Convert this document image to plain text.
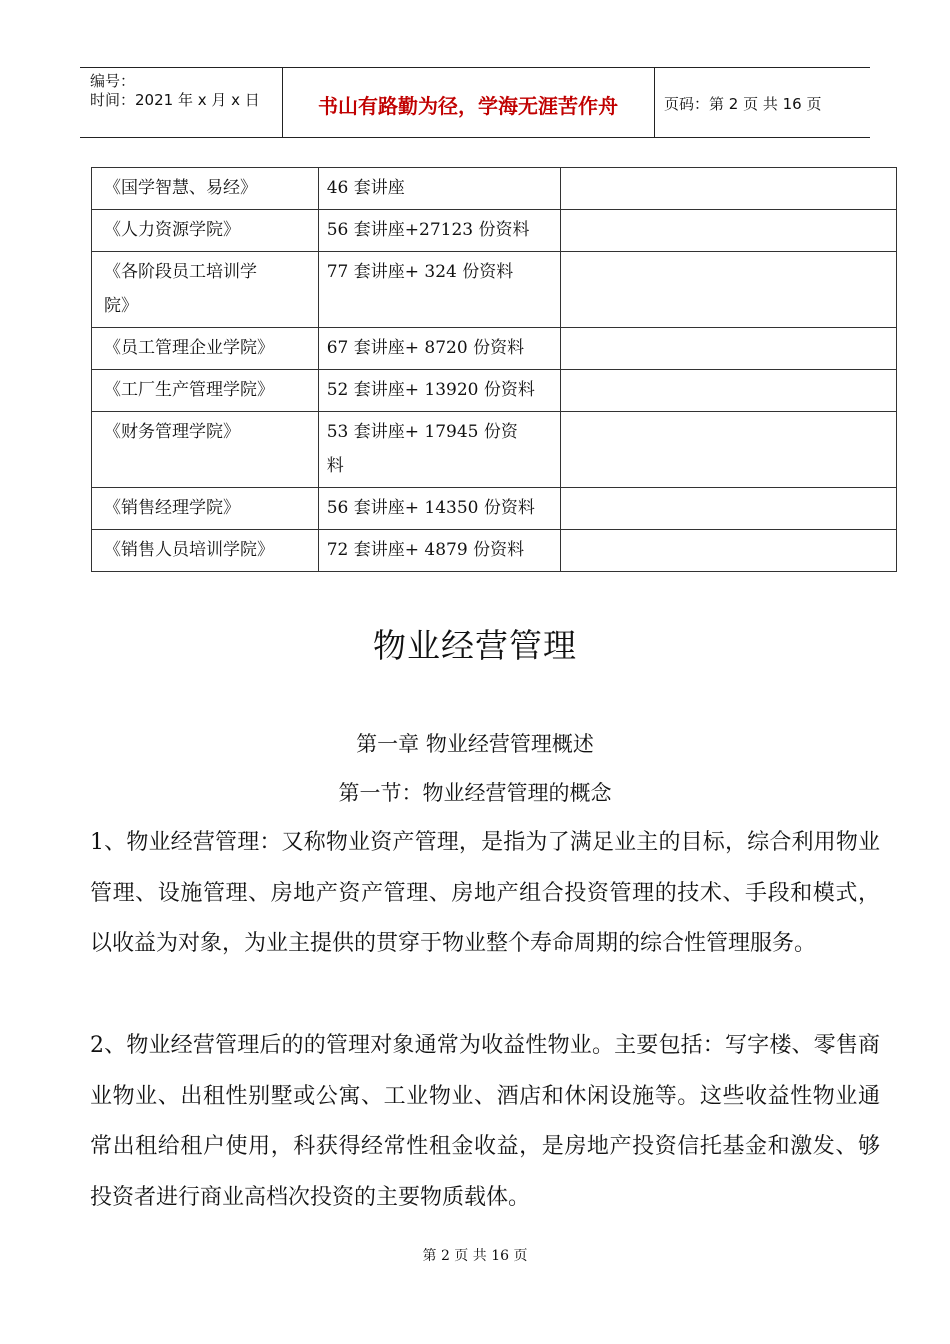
编号：
时间：2021 年 x 月 x 日	书山有路勤为径，学海无涯苦作舟	页码：第 2 页 共 16 页
《国学智慧、易经》	46 套讲座	

《人力资源学院》	56 套讲座+27123 份资料	

《各阶段员工培训学
院》	77 套讲座+ 324 份资料	

《员工管理企业学院》	67 套讲座+ 8720 份资料	

《工厂生产管理学院》	52 套讲座+ 13920 份资料	

《财务管理学院》	53 套讲座+ 17945 份资
料	

《销售经理学院》	56 套讲座+ 14350 份资料	

《销售人员培训学院》	72 套讲座+ 4879 份资料	

物业经营管理
第一章 物业经营管理概述
第一节：物业经营管理的概念
1、物业经营管理：又称物业资产管理，是指为了满足业主的目标，综合利用物业管理、设施管理、房地产资产管理、房地产组合投资管理的技术、手段和模式，以收益为对象，为业主提供的贯穿于物业整个寿命周期的综合性管理服务。
2、物业经营管理后的的管理对象通常为收益性物业。主要包括：写字楼、零售商业物业、出租性别墅或公寓、工业物业、酒店和休闲设施等。这些收益性物业通常出租给租户使用，科获得经常性租金收益，是房地产投资信托基金和激发、够投资者进行商业高档次投资的主要物质载体。
第 2 页 共 16 页
